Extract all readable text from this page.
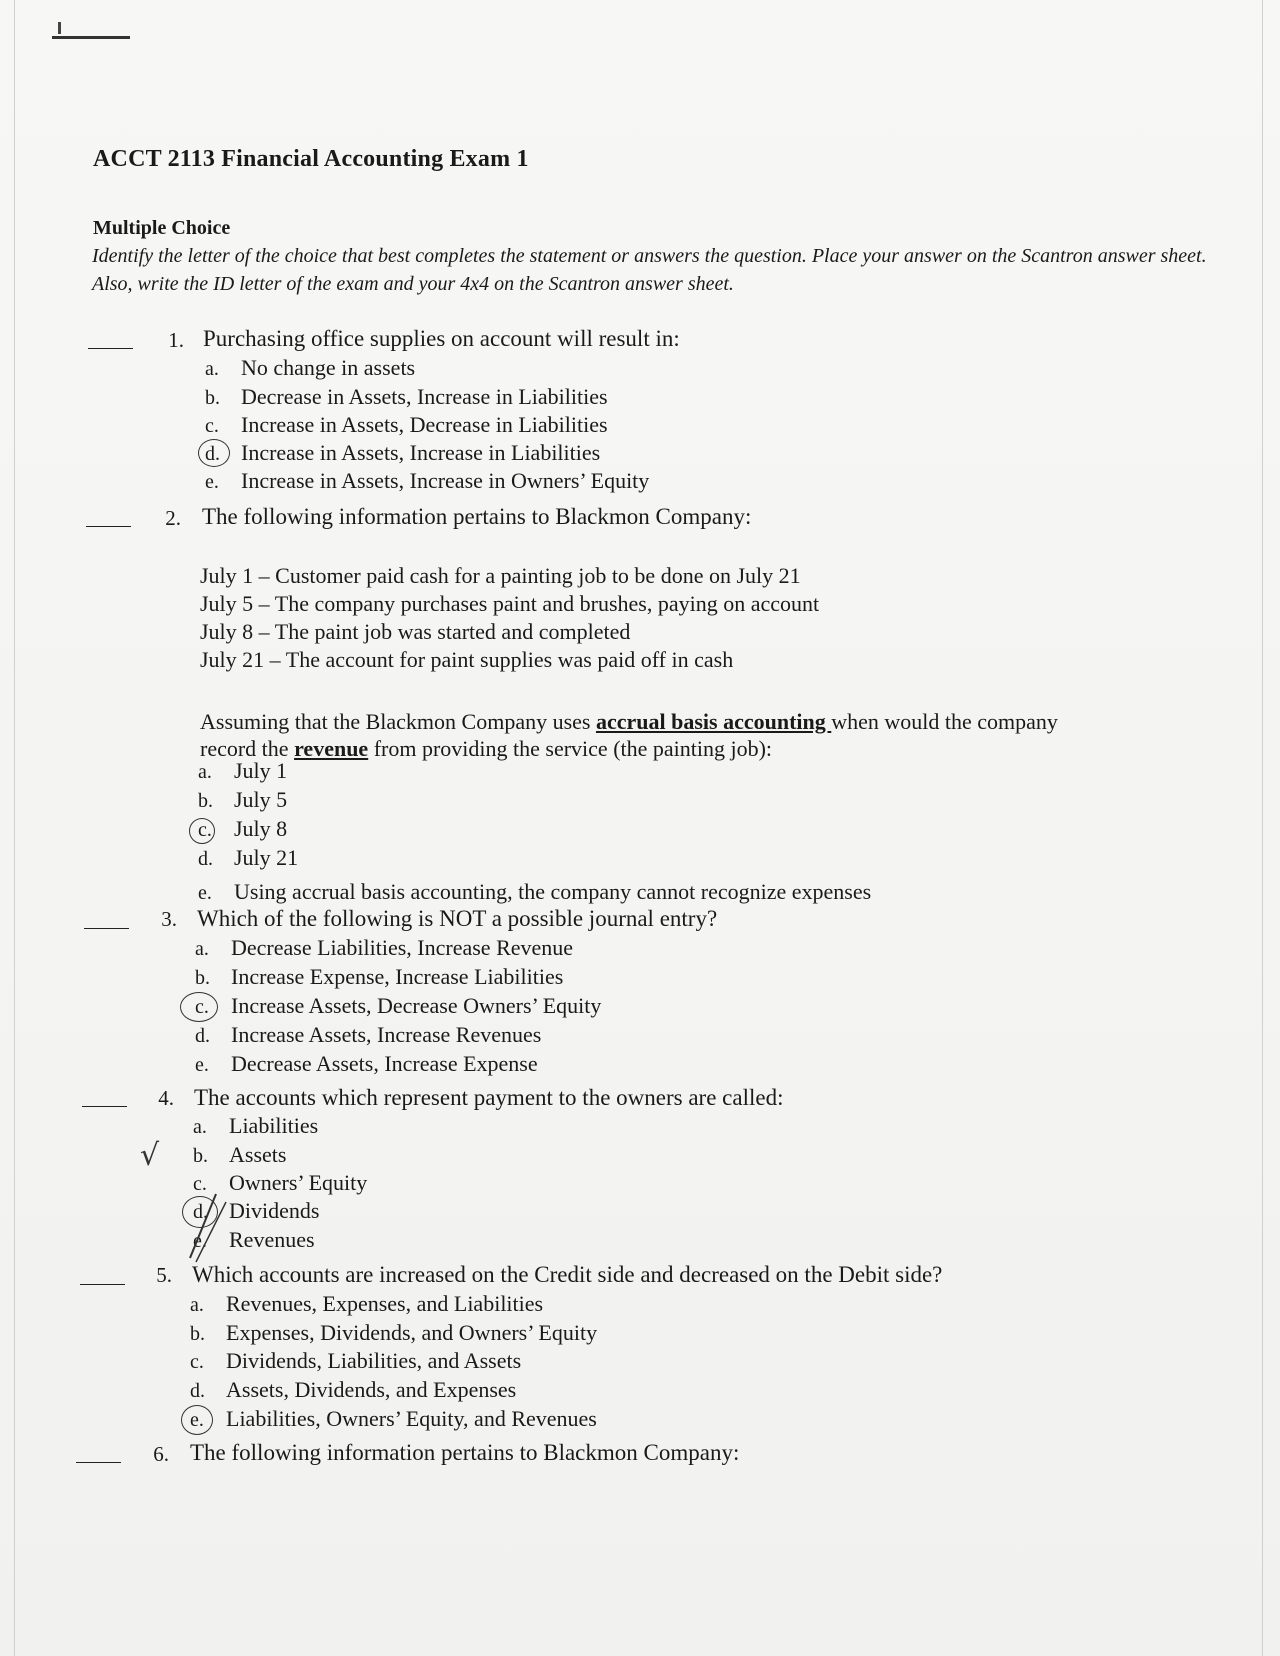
ACCT 2113 Financial Accounting Exam 1
Multiple Choice
Identify the letter of the choice that best completes the statement or answers the question. Place your answer on the Scantron answer sheet. Also, write the ID letter of the exam and your 4x4 on the Scantron answer sheet.
1. Purchasing office supplies on account will result in:
a. No change in assets
b. Decrease in Assets, Increase in Liabilities
c. Increase in Assets, Decrease in Liabilities
d. Increase in Assets, Increase in Liabilities
e. Increase in Assets, Increase in Owners’ Equity
2. The following information pertains to Blackmon Company:
July 1 – Customer paid cash for a painting job to be done on July 21
July 5 – The company purchases paint and brushes, paying on account
July 8 – The paint job was started and completed
July 21 – The account for paint supplies was paid off in cash
Assuming that the Blackmon Company uses accrual basis accounting when would the company
record the revenue from providing the service (the painting job):
a. July 1
b. July 5
c. July 8
d. July 21
e. Using accrual basis accounting, the company cannot recognize expenses
3. Which of the following is NOT a possible journal entry?
a. Decrease Liabilities, Increase Revenue
b. Increase Expense, Increase Liabilities
c. Increase Assets, Decrease Owners’ Equity
d. Increase Assets, Increase Revenues
e. Decrease Assets, Increase Expense
4. The accounts which represent payment to the owners are called:
a. Liabilities
b. Assets
√
c. Owners’ Equity
d. Dividends
e. Revenues
5. Which accounts are increased on the Credit side and decreased on the Debit side?
a. Revenues, Expenses, and Liabilities
b. Expenses, Dividends, and Owners’ Equity
c. Dividends, Liabilities, and Assets
d. Assets, Dividends, and Expenses
e. Liabilities, Owners’ Equity, and Revenues
6. The following information pertains to Blackmon Company:
